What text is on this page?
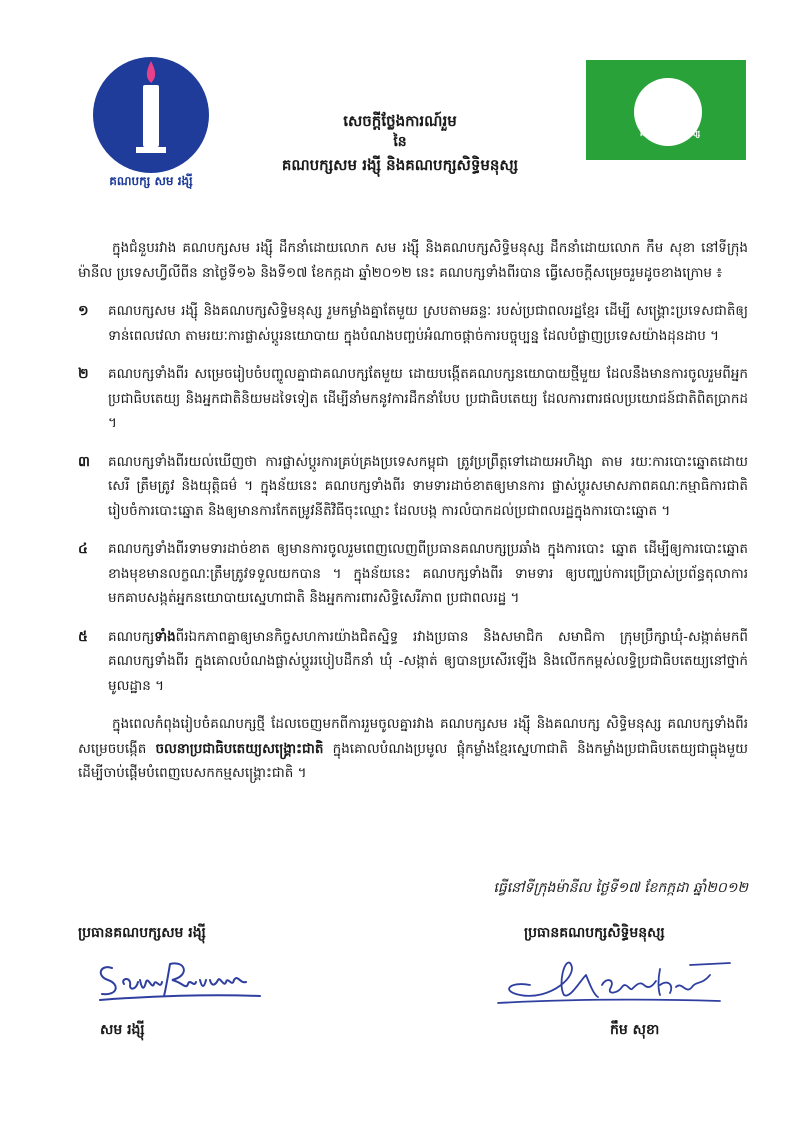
គណបក្ស សម រង្ស៊ី
គណបក្សសិទ្ធិមនុស្ស
សេចក្តីថ្លែងការណ៍រួម
នៃ
គណបក្សសម រង្ស៊ី និងគណបក្សសិទ្ធិមនុស្ស

ក្នុងជំនួបរវាង គណបក្សសម រង្ស៊ី ដឹកនាំដោយលោក សម រង្ស៊ី និងគណបក្សសិទ្ធិមនុស្ស ដឹកនាំដោយលោក កឹម សុខា នៅទីក្រុងម៉ានីល ប្រទេសហ្វីលីពីន នាថ្ងៃទី១៦ និងទី១៧ ខែកក្កដា ឆ្នាំ២០១២ នេះ គណបក្សទាំងពីរបាន ធ្វើសេចក្តីសម្រេចរួមដូចខាងក្រោម ៖

១	គណបក្សសម រង្ស៊ី និងគណបក្សសិទ្ធិមនុស្ស រួមកម្លាំងគ្នាតែមួយ ស្របតាមឆន្ទៈ របស់ប្រជាពលរដ្ឋខ្មែរ ដើម្បី សង្គ្រោះប្រទេសជាតិឲ្យទាន់ពេលវេលា តាមរយៈការផ្លាស់ប្តូរនយោបាយ ក្នុងបំណងបញ្ចប់អំណាចផ្តាច់ការបច្ចុប្បន្ន ដែលបំផ្លាញប្រទេសយ៉ាងដុនដាប ។
២	គណបក្សទាំងពីរ សម្រេចរៀបចំបញ្ចូលគ្នាជាគណបក្សតែមួយ ដោយបង្កើតគណបក្សនយោបាយថ្មីមួយ ដែលនឹងមានការចូលរួមពីអ្នកប្រជាធិបតេយ្យ និងអ្នកជាតិនិយមដទៃទៀត ដើម្បីនាំមកនូវការដឹកនាំបែប ប្រជាធិបតេយ្យ ដែលការពារផលប្រយោជន៍ជាតិពិតប្រាកដ ។
៣	គណបក្សទាំងពីរយល់ឃើញថា ការផ្លាស់ប្តូរការគ្រប់គ្រងប្រទេសកម្ពុជា ត្រូវប្រព្រឹត្តទៅដោយអហិង្សា តាម រយៈការបោះឆ្នោតដោយ សេរី ត្រឹមត្រូវ និងយុត្តិធម៌ ។ ក្នុងន័យនេះ គណបក្សទាំងពីរ ទាមទារដាច់ខាតឲ្យមានការ ផ្លាស់ប្តូរសមាសភាពគណៈកម្មាធិការជាតិរៀបចំការបោះឆ្នោត និងឲ្យមានការកែតម្រូវនីតិវិធីចុះឈ្មោះ ដែលបង្ក ការលំបាកដល់ប្រជាពលរដ្ឋក្នុងការបោះឆ្នោត ។
៤	គណបក្សទាំងពីរទាមទារដាច់ខាត ឲ្យមានការចូលរួមពេញលេញពីប្រធានគណបក្សប្រឆាំង ក្នុងការបោះ ឆ្នោត ដើម្បីឲ្យការបោះឆ្នោតខាងមុខមានលក្ខណៈត្រឹមត្រូវទទួលយកបាន ។ ក្នុងន័យនេះ គណបក្សទាំងពីរ ទាមទារ ឲ្យបញ្ឈប់ការប្រើប្រាស់ប្រព័ន្ធតុលាការ មកគាបសង្កត់អ្នកនយោបាយស្នេហាជាតិ និងអ្នកការពារសិទ្ធិសេរីភាព ប្រជាពលរដ្ឋ ។
៥	គណបក្សទាំងពីរឯកភាពគ្នាឲ្យមានកិច្ចសហការយ៉ាងជិតស្និទ្ធ រវាងប្រធាន និងសមាជិក សមាជិកា ក្រុមប្រឹក្សាឃុំ-សង្កាត់មកពីគណបក្សទាំងពីរ ក្នុងគោលបំណងផ្លាស់ប្តូររបៀបដឹកនាំ ឃុំ -សង្កាត់ ឲ្យបានប្រសើរឡើង និងលើកកម្ពស់លទ្ធិប្រជាធិបតេយ្យនៅថ្នាក់មូលដ្ឋាន ។

ក្នុងពេលកំពុងរៀបចំគណបក្សថ្មី ដែលចេញមកពីការរួមចូលគ្នារវាង គណបក្សសម រង្ស៊ី និងគណបក្ស សិទ្ធិមនុស្ស គណបក្សទាំងពីរសម្រេចបង្កើត ចលនាប្រជាធិបតេយ្យសង្គ្រោះជាតិ ក្នុងគោលបំណងប្រមូល ផ្តុំកម្លាំងខ្មែរស្នេហាជាតិ និងកម្លាំងប្រជាធិបតេយ្យជាធ្លុងមួយ ដើម្បីចាប់ផ្តើមបំពេញបេសកកម្មសង្គ្រោះជាតិ ។

ធ្វើនៅទីក្រុងម៉ានីល ថ្ងៃទី១៧ ខែកក្កដា ឆ្នាំ២០១២
ប្រធានគណបក្សសម រង្ស៊ី	ប្រធានគណបក្សសិទ្ធិមនុស្ស
សម រង្ស៊ី	កឹម សុខា
